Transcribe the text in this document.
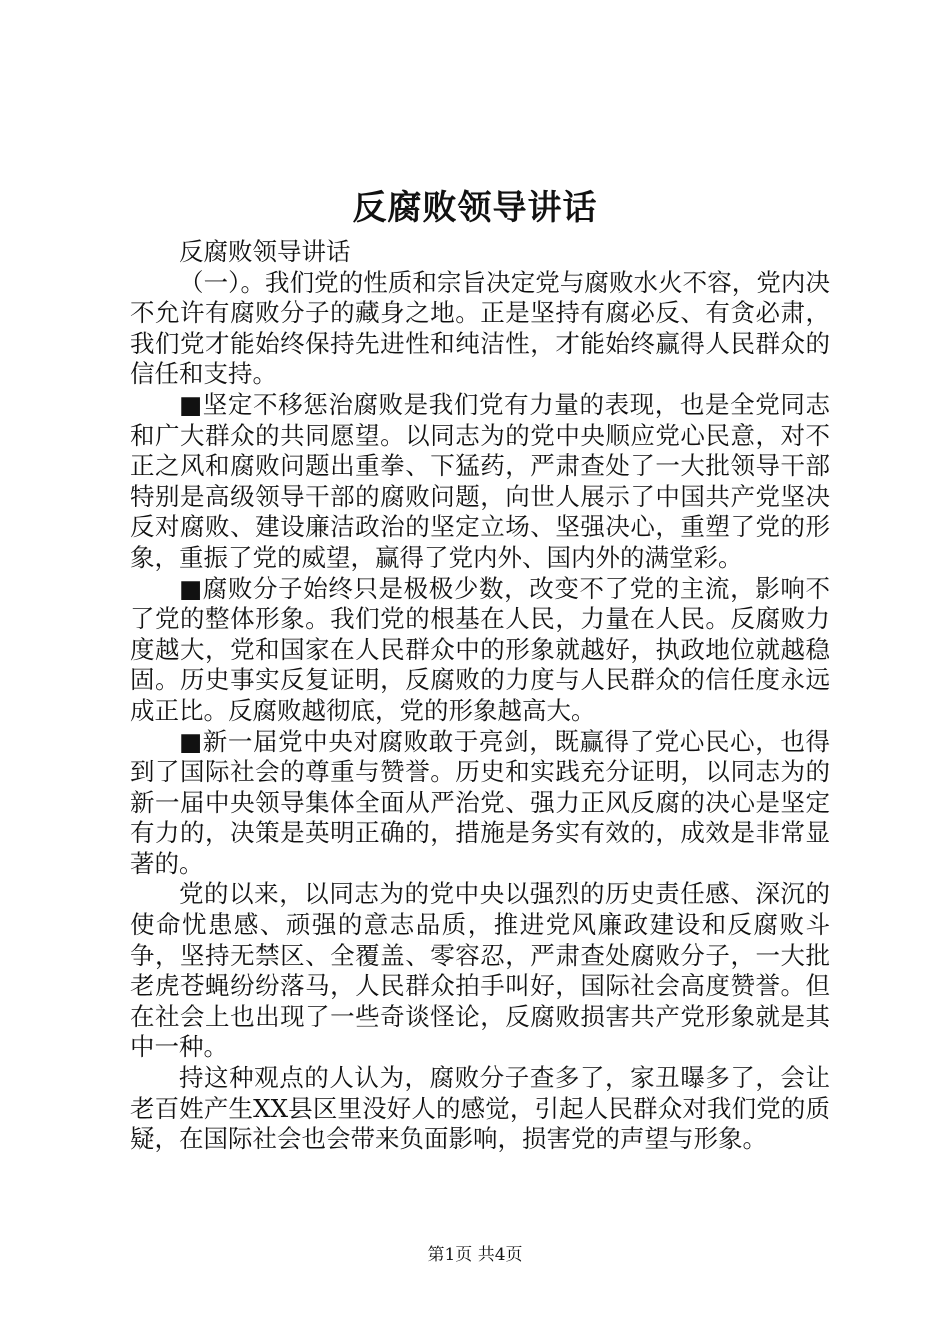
反腐败领导讲话

反腐败领导讲话

（一）。我们党的性质和宗旨决定党与腐败水火不容，党内决不允许有腐败分子的藏身之地。正是坚持有腐必反、有贪必肃，我们党才能始终保持先进性和纯洁性，才能始终赢得人民群众的信任和支持。

■坚定不移惩治腐败是我们党有力量的表现，也是全党同志和广大群众的共同愿望。以同志为的党中央顺应党心民意，对不正之风和腐败问题出重拳、下猛药，严肃查处了一大批领导干部特别是高级领导干部的腐败问题，向世人展示了中国共产党坚决反对腐败、建设廉洁政治的坚定立场、坚强决心，重塑了党的形象，重振了党的威望，赢得了党内外、国内外的满堂彩。

■腐败分子始终只是极极少数，改变不了党的主流，影响不了党的整体形象。我们党的根基在人民，力量在人民。反腐败力度越大，党和国家在人民群众中的形象就越好，执政地位就越稳固。历史事实反复证明，反腐败的力度与人民群众的信任度永远成正比。反腐败越彻底，党的形象越高大。

■新一届党中央对腐败敢于亮剑，既赢得了党心民心，也得到了国际社会的尊重与赞誉。历史和实践充分证明，以同志为的新一届中央领导集体全面从严治党、强力正风反腐的决心是坚定有力的，决策是英明正确的，措施是务实有效的，成效是非常显著的。

党的以来，以同志为的党中央以强烈的历史责任感、深沉的使命忧患感、顽强的意志品质，推进党风廉政建设和反腐败斗争，坚持无禁区、全覆盖、零容忍，严肃查处腐败分子，一大批老虎苍蝇纷纷落马，人民群众拍手叫好，国际社会高度赞誉。但在社会上也出现了一些奇谈怪论，反腐败损害共产党形象就是其中一种。

持这种观点的人认为，腐败分子查多了，家丑曝多了，会让老百姓产生XX县区里没好人的感觉，引起人民群众对我们党的质疑，在国际社会也会带来负面影响，损害党的声望与形象。

第1页 共4页
